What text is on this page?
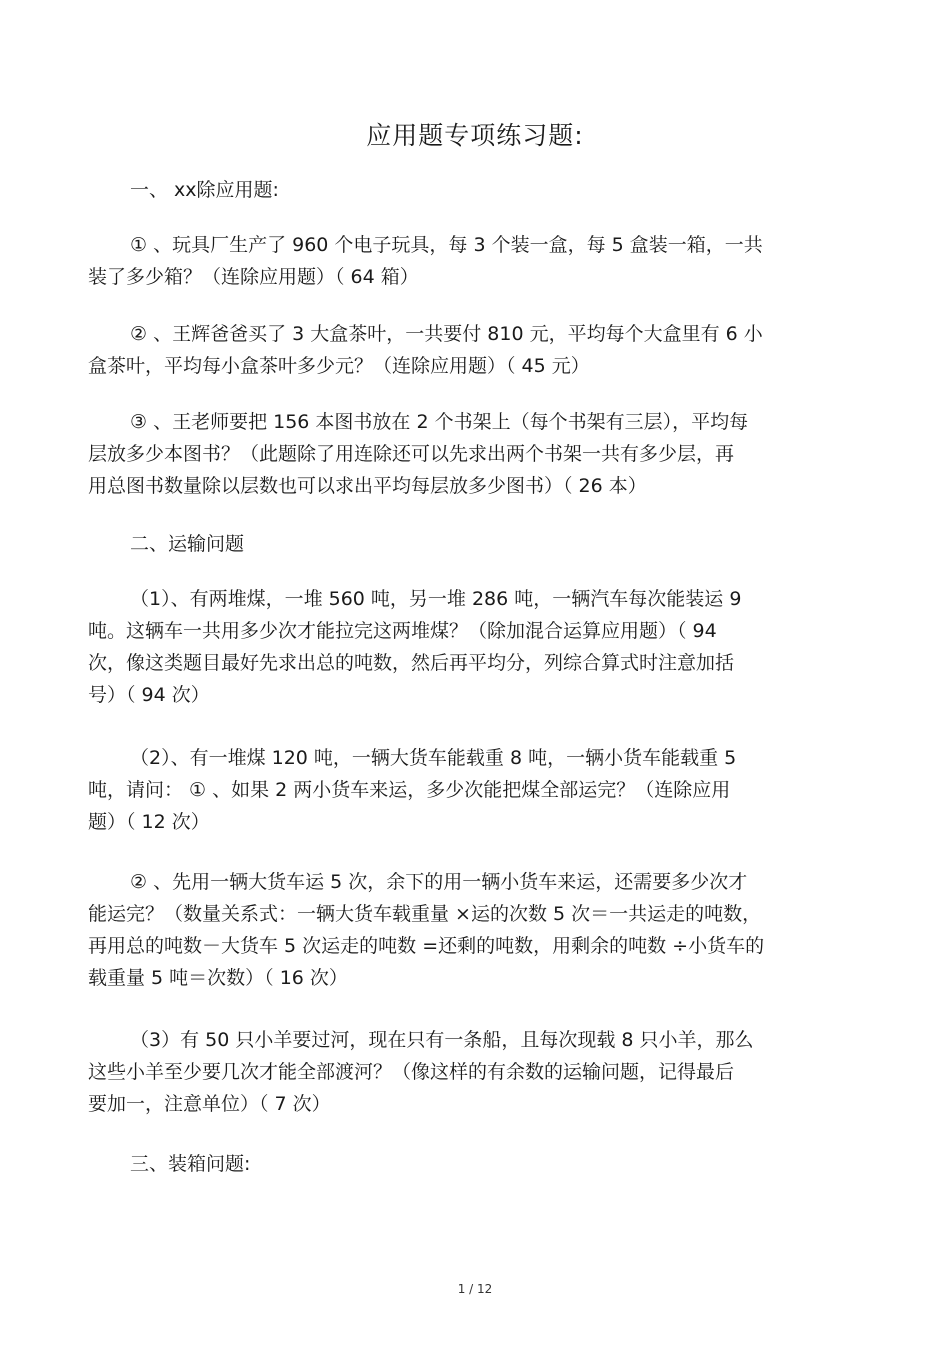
应用题专项练习题:
一、 xx除应用题:
① 、玩具厂生产了 960 个电子玩具，每 3 个装一盒，每 5 盒装一箱，一共
装了多少箱？（连除应用题）（ 64 箱）
② 、王辉爸爸买了 3 大盒茶叶，一共要付 810 元，平均每个大盒里有 6 小
盒茶叶，平均每小盒茶叶多少元？（连除应用题）（ 45 元）
③ 、王老师要把 156 本图书放在 2 个书架上（每个书架有三层），平均每
层放多少本图书？（此题除了用连除还可以先求出两个书架一共有多少层，再
用总图书数量除以层数也可以求出平均每层放多少图书）（ 26 本）
二、运输问题
（1）、有两堆煤，一堆 560 吨，另一堆 286 吨，一辆汽车每次能装运 9
吨。这辆车一共用多少次才能拉完这两堆煤？（除加混合运算应用题）（ 94
次，像这类题目最好先求出总的吨数，然后再平均分，列综合算式时注意加括
号）（ 94 次）
（2）、有一堆煤 120 吨，一辆大货车能载重 8 吨，一辆小货车能载重 5
吨，请问： ① 、如果 2 两小货车来运，多少次能把煤全部运完？（连除应用
题）（ 12 次）
② 、先用一辆大货车运 5 次，余下的用一辆小货车来运，还需要多少次才
能运完？（数量关系式：一辆大货车载重量 ×运的次数 5 次＝一共运走的吨数，
再用总的吨数－大货车 5 次运走的吨数 =还剩的吨数，用剩余的吨数 ÷小货车的
载重量 5 吨＝次数）（ 16 次）
（3）有 50 只小羊要过河，现在只有一条船，且每次现载 8 只小羊，那么
这些小羊至少要几次才能全部渡河？（像这样的有余数的运输问题，记得最后
要加一，注意单位）（ 7 次）
三、装箱问题:
1 / 12
